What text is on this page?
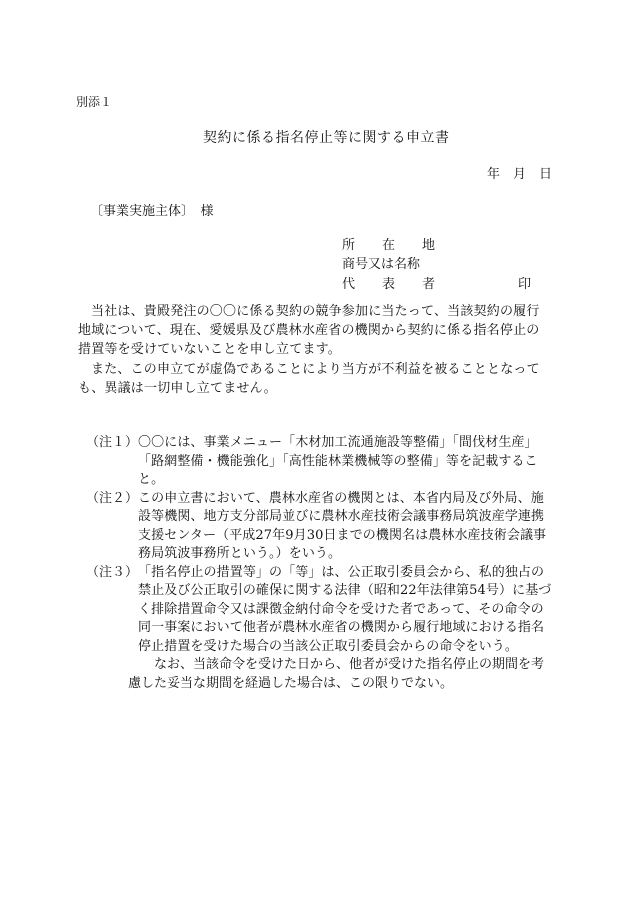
別添１
契約に係る指名停止等に関する申立書
年　月　日
〔事業実施主体〕　様
所　在　地
商号又は名称
代　表　者	印

当社は、貴殿発注の〇〇に係る契約の競争参加に当たって、当該契約の履行地域について、現在、愛媛県及び農林水産省の機関から契約に係る指名停止の措置等を受けていないことを申し立てます。

また、この申立てが虚偽であることにより当方が不利益を被ることとなっても、異議は一切申し立てません。

（注１） 〇〇には、事業メニュー「木材加工流通施設等整備」「間伐材生産」「路網整備・機能強化」「高性能林業機械等の整備」等を記載すること。

（注２） この申立書において、農林水産省の機関とは、本省内局及び外局、施設等機関、地方支分部局並びに農林水産技術会議事務局筑波産学連携支援センター（平成27年9月30日までの機関名は農林水産技術会議事務局筑波事務所という。）をいう。

（注３） 「指名停止の措置等」の「等」は、公正取引委員会から、私的独占の禁止及び公正取引の確保に関する法律（昭和22年法律第54号）に基づく排除措置命令又は課徴金納付命令を受けた者であって、その命令の同一事案において他者が農林水産省の機関から履行地域における指名停止措置を受けた場合の当該公正取引委員会からの命令をいう。

なお、当該命令を受けた日から、他者が受けた指名停止の期間を考慮した妥当な期間を経過した場合は、この限りでない。
